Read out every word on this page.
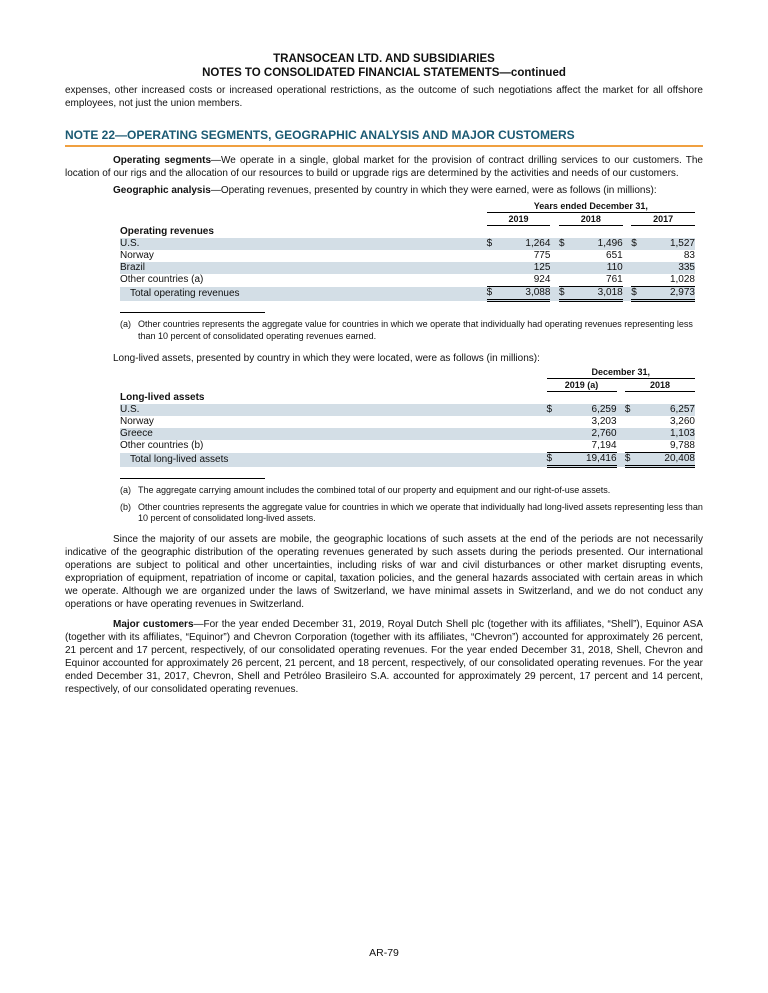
TRANSOCEAN LTD. AND SUBSIDIARIES
NOTES TO CONSOLIDATED FINANCIAL STATEMENTS—continued

expenses, other increased costs or increased operational restrictions, as the outcome of such negotiations affect the market for all offshore employees, not just the union members.

NOTE 22—OPERATING SEGMENTS, GEOGRAPHIC ANALYSIS AND MAJOR CUSTOMERS

Operating segments—We operate in a single, global market for the provision of contract drilling services to our customers. The location of our rigs and the allocation of our resources to build or upgrade rigs are determined by the activities and needs of our customers.

Geographic analysis—Operating revenues, presented by country in which they were earned, were as follows (in millions):

	Years ended December 31,							
	2019			2018			2017	
Operating revenues								
U.S.	$	1,264		$	1,496		$	1,527
Norway		775			651			83
Brazil		125			110			335
Other countries (a)		924			761			1,028
Total operating revenues	$	3,088		$	3,018		$	2,973
(a) Other countries represents the aggregate value for countries in which we operate that individually had operating revenues representing less than 10 percent of consolidated operating revenues earned.

Long-lived assets, presented by country in which they were located, were as follows (in millions):

	December 31,				
	2019 (a)			2018	
Long-lived assets					
U.S.	$	6,259		$	6,257
Norway		3,203			3,260
Greece		2,760			1,103
Other countries (b)		7,194			9,788
Total long-lived assets	$	19,416		$	20,408
(a) The aggregate carrying amount includes the combined total of our property and equipment and our right-of-use assets.
(b) Other countries represents the aggregate value for countries in which we operate that individually had long-lived assets representing less than 10 percent of consolidated long-lived assets.

Since the majority of our assets are mobile, the geographic locations of such assets at the end of the periods are not necessarily indicative of the geographic distribution of the operating revenues generated by such assets during the periods presented. Our international operations are subject to political and other uncertainties, including risks of war and civil disturbances or other market disrupting events, expropriation of equipment, repatriation of income or capital, taxation policies, and the general hazards associated with certain areas in which we operate. Although we are organized under the laws of Switzerland, we have minimal assets in Switzerland, and we do not conduct any operations or have operating revenues in Switzerland.

Major customers—For the year ended December 31, 2019, Royal Dutch Shell plc (together with its affiliates, “Shell”), Equinor ASA (together with its affiliates, “Equinor”) and Chevron Corporation (together with its affiliates, “Chevron”) accounted for approximately 26 percent, 21 percent and 17 percent, respectively, of our consolidated operating revenues. For the year ended December 31, 2018, Shell, Chevron and Equinor accounted for approximately 26 percent, 21 percent, and 18 percent, respectively, of our consolidated operating revenues. For the year ended December 31, 2017, Chevron, Shell and Petróleo Brasileiro S.A. accounted for approximately 29 percent, 17 percent and 14 percent, respectively, of our consolidated operating revenues.

AR-79
